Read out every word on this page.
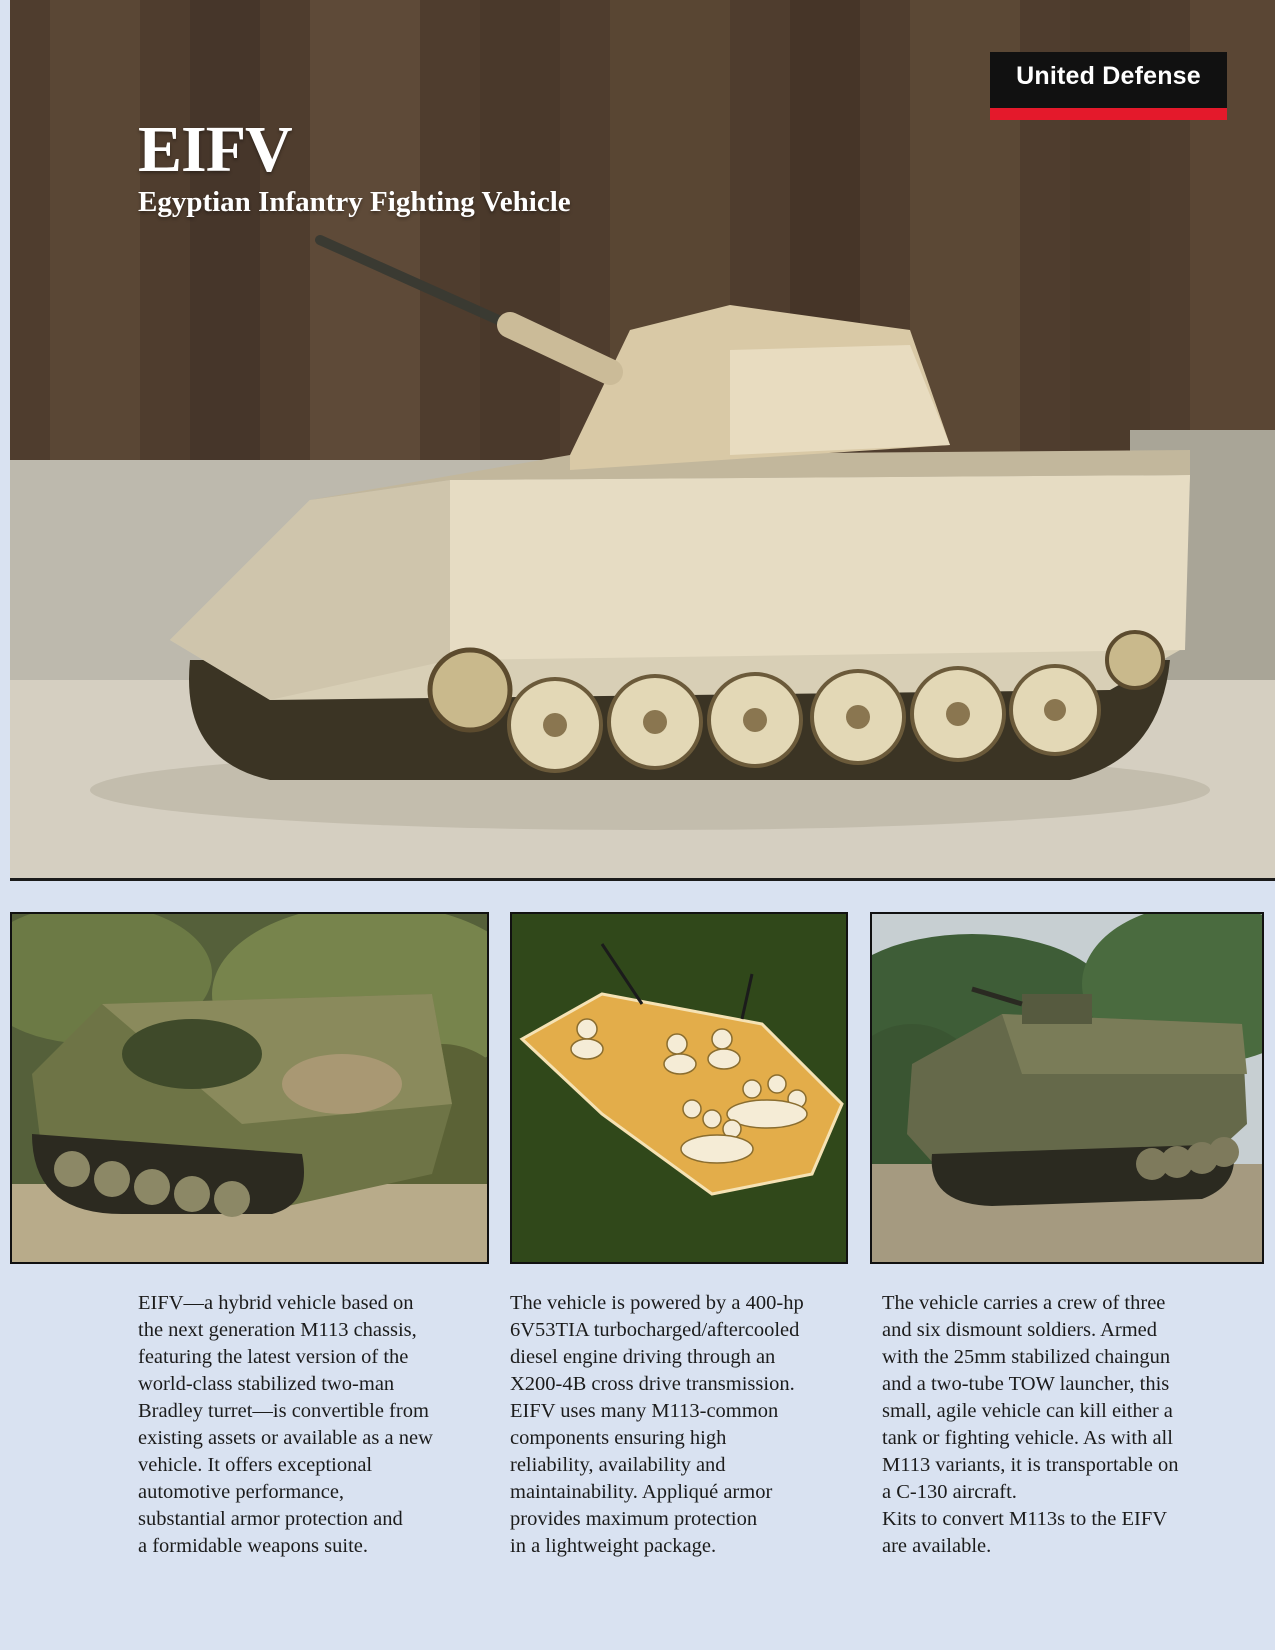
United Defense
EIFV
Egyptian Infantry Fighting Vehicle
EIFV—a hybrid vehicle based on
the next generation M113 chassis,
featuring the latest version of the
world-class stabilized two-man
Bradley turret—is convertible from
existing assets or available as a new
vehicle. It offers exceptional
automotive performance,
substantial armor protection and
a formidable weapons suite.
The vehicle is powered by a 400-hp
6V53TIA turbocharged/aftercooled
diesel engine driving through an
X200-4B cross drive transmission.
EIFV uses many M113-common
components ensuring high
reliability, availability and
maintainability. Appliqué armor
provides maximum protection
in a lightweight package.
The vehicle carries a crew of three
and six dismount soldiers. Armed
with the 25mm stabilized chaingun
and a two-tube TOW launcher, this
small, agile vehicle can kill either a
tank or fighting vehicle. As with all
M113 variants, it is transportable on
a C-130 aircraft.
Kits to convert M113s to the EIFV
are available.
